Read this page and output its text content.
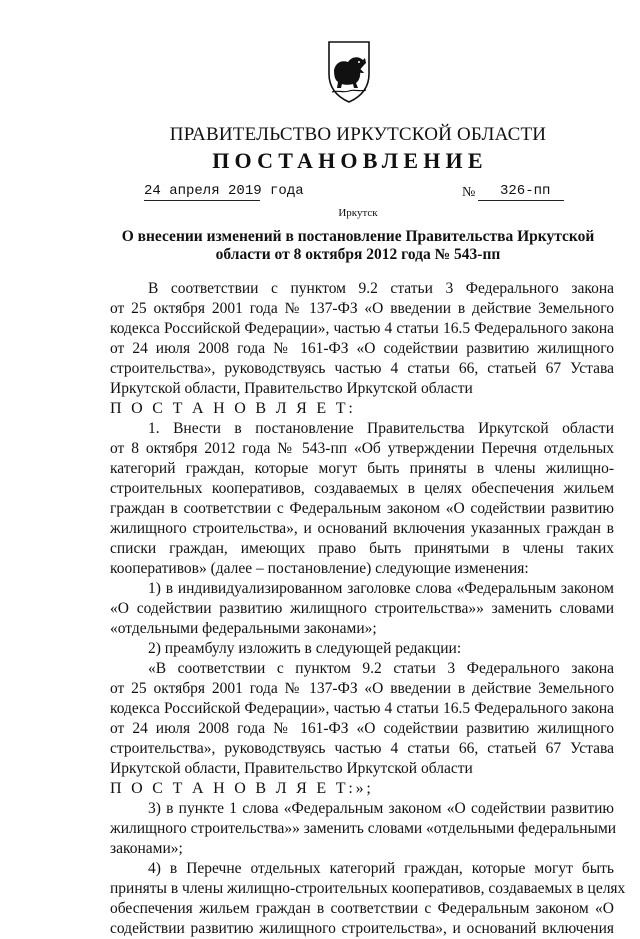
ПРАВИТЕЛЬСТВО ИРКУТСКОЙ ОБЛАСТИ
ПОСТАНОВЛЕНИЕ
24 апреля 2019 года	№ 326-пп
Иркутск
О внесении изменений в постановление Правительства Иркутской области от 8 октября 2012 года № 543-пп
В соответствии с пунктом 9.2 статьи 3 Федерального закона
от 25 октября 2001 года № 137-ФЗ «О введении в действие Земельного
кодекса Российской Федерации», частью 4 статьи 16.5 Федерального закона
от 24 июля 2008 года № 161-ФЗ «О содействии развитию жилищного
строительства», руководствуясь частью 4 статьи 66, статьей 67 Устава
Иркутской области, Правительство Иркутской области
П О С Т А Н О В Л Я Е Т:
1. Внести в постановление Правительства Иркутской области
от 8 октября 2012 года № 543-пп «Об утверждении Перечня отдельных
категорий граждан, которые могут быть приняты в члены жилищно-
строительных кооперативов, создаваемых в целях обеспечения жильем
граждан в соответствии с Федеральным законом «О содействии развитию
жилищного строительства», и оснований включения указанных граждан в
списки граждан, имеющих право быть принятыми в члены таких
кооперативов» (далее – постановление) следующие изменения:
1) в индивидуализированном заголовке слова «Федеральным законом
«О содействии развитию жилищного строительства»» заменить словами
«отдельными федеральными законами»;
2) преамбулу изложить в следующей редакции:
«В соответствии с пунктом 9.2 статьи 3 Федерального закона
от 25 октября 2001 года № 137-ФЗ «О введении в действие Земельного
кодекса Российской Федерации», частью 4 статьи 16.5 Федерального закона
от 24 июля 2008 года № 161-ФЗ «О содействии развитию жилищного
строительства», руководствуясь частью 4 статьи 66, статьей 67 Устава
Иркутской области, Правительство Иркутской области
П О С Т А Н О В Л Я Е Т:»;
3) в пункте 1 слова «Федеральным законом «О содействии развитию
жилищного строительства»» заменить словами «отдельными федеральными
законами»;
4) в Перечне отдельных категорий граждан, которые могут быть
приняты в члены жилищно-строительных кооперативов, создаваемых в целях
обеспечения жильем граждан в соответствии с Федеральным законом «О
содействии развитию жилищного строительства», и оснований включения
